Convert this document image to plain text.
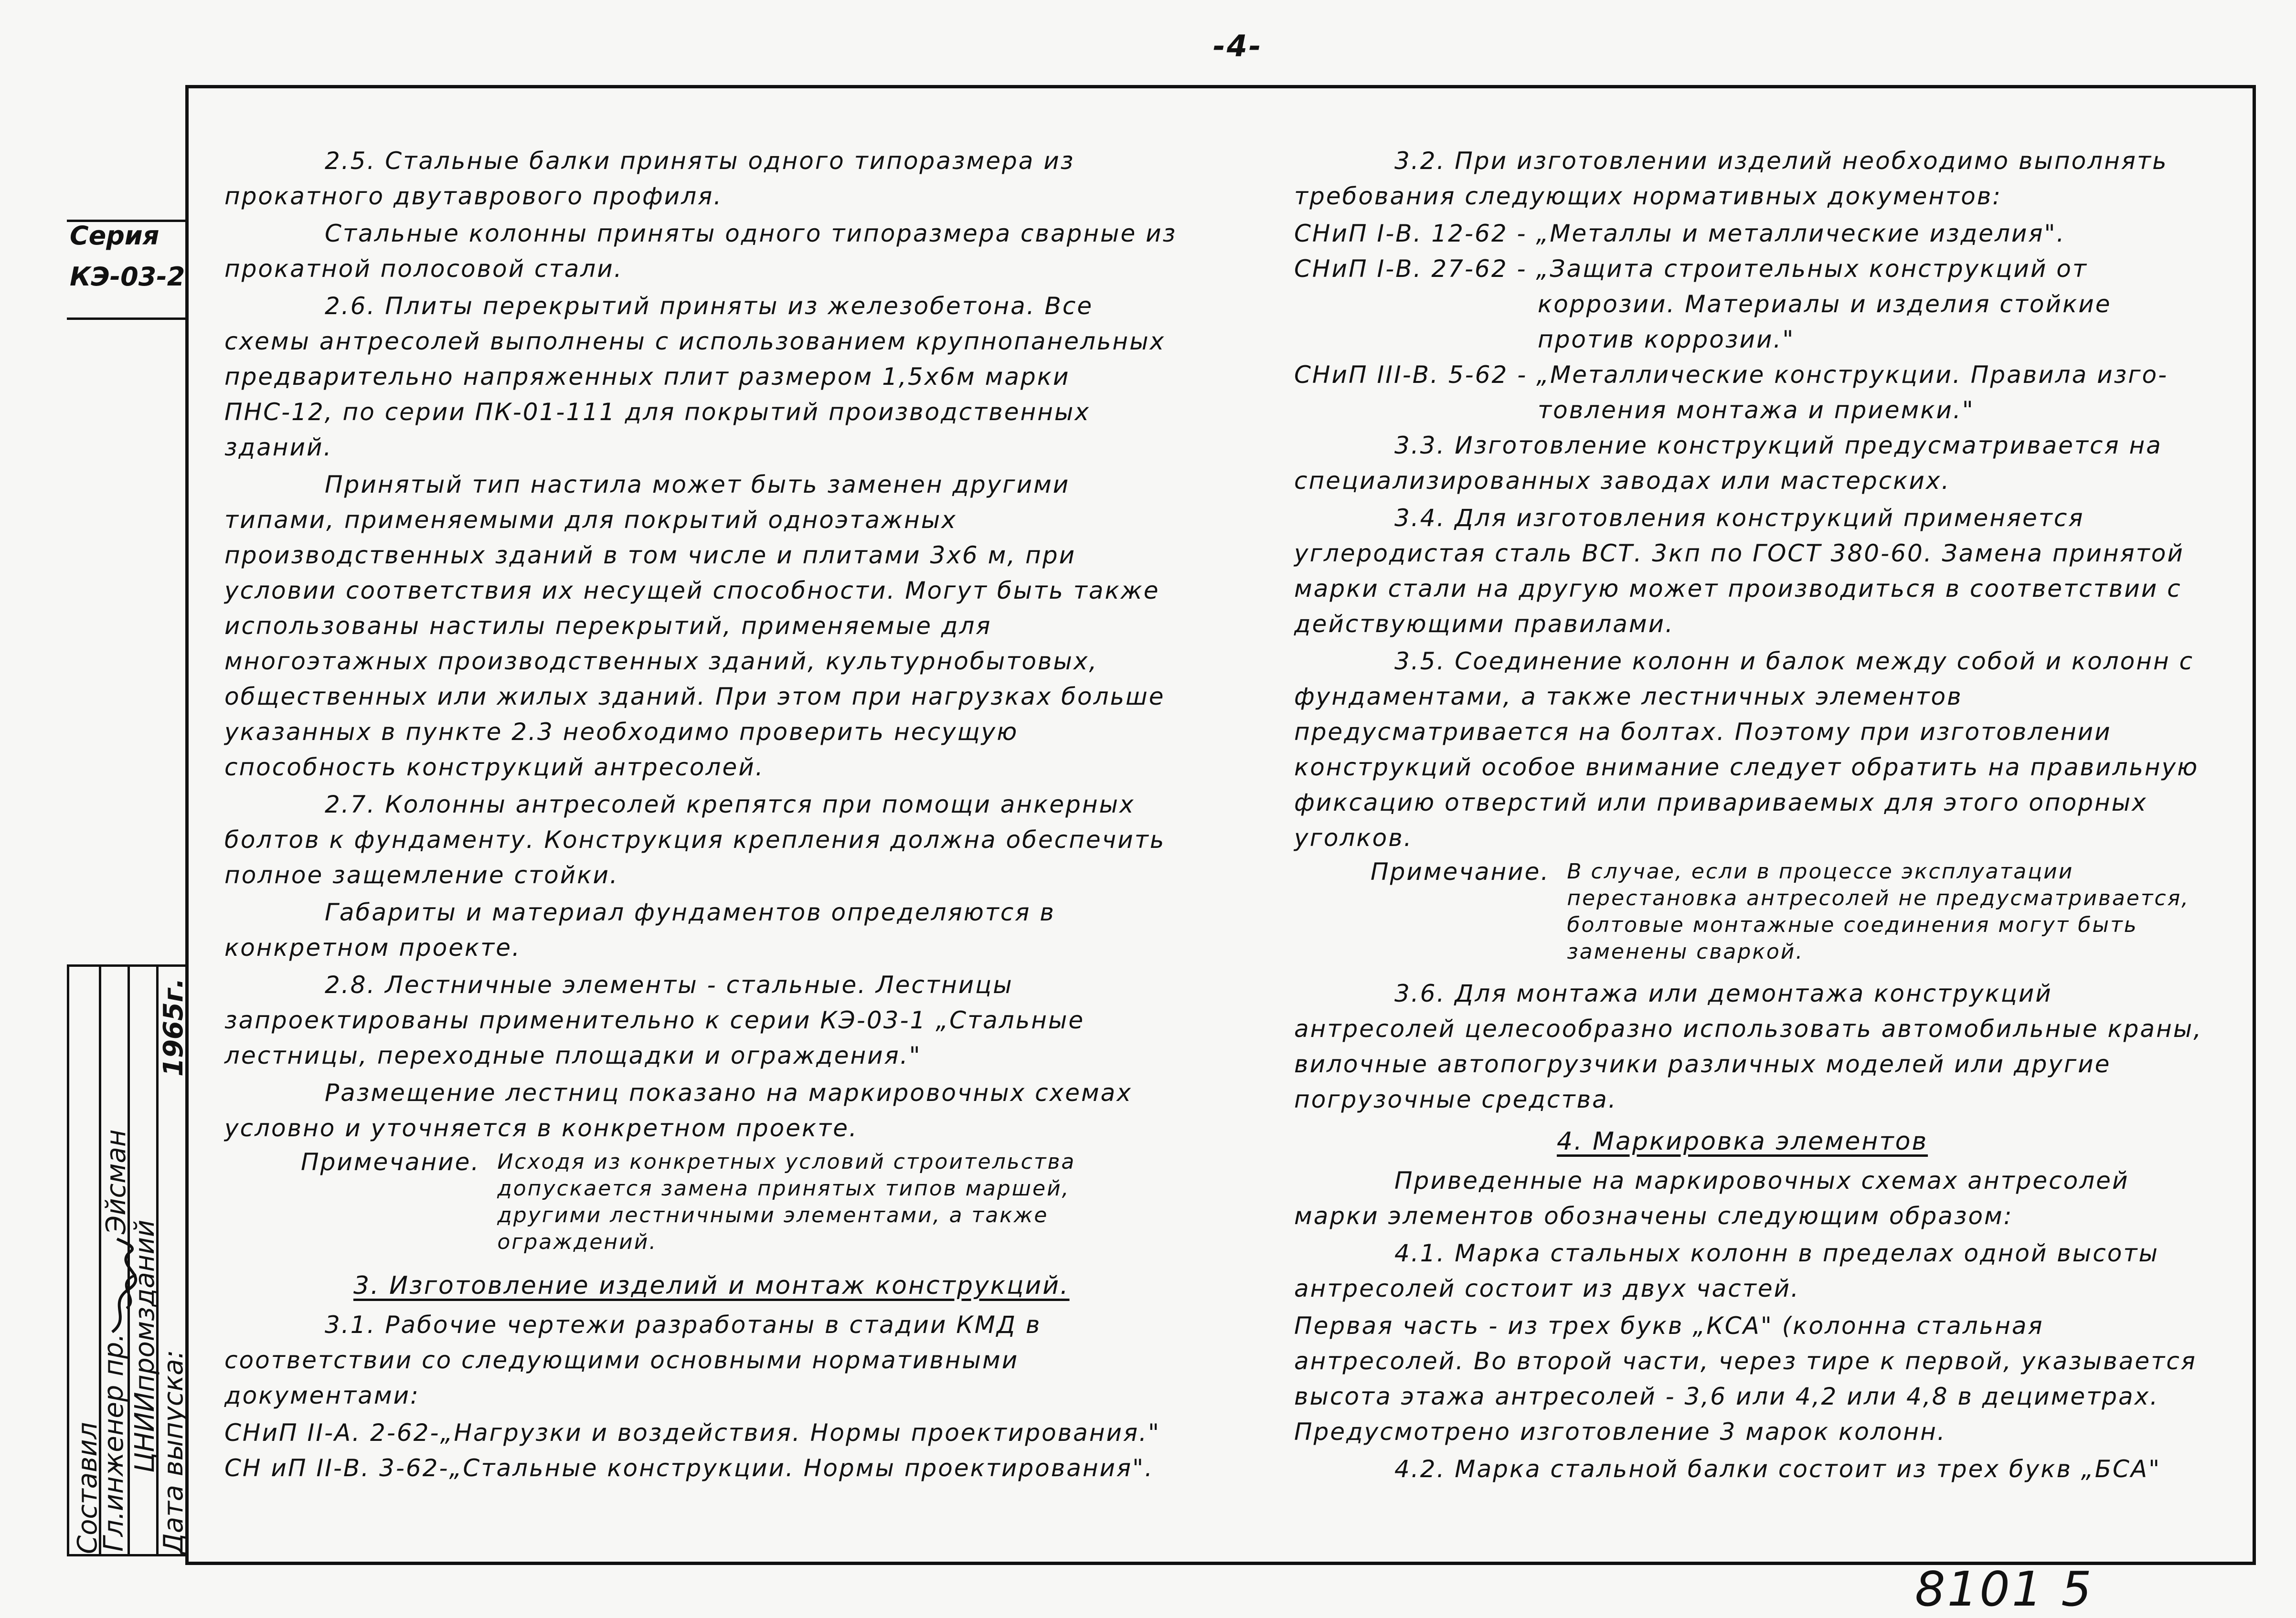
-4-
Серия
КЭ-03-2
Составил
Эйсман
ЦНИИпромзданий
1965г.
Дата выпуска:
Гл.инженер пр.
2.5. Стальные балки приняты одного типоразмера из прокатного двутаврового профиля.
Стальные колонны приняты одного типоразмера сварные из прокатной полосовой стали.
2.6. Плиты перекрытий приняты из железобетона. Все схемы антресолей выполнены с использованием крупнопанельных предварительно напряженных плит размером 1,5х6м марки ПНС-12, по серии ПК-01-111 для покрытий производственных зданий.
Принятый тип настила может быть заменен другими типами, применяемыми для покрытий одноэтажных производственных зданий в том числе и плитами 3х6 м, при условии соответствия их несущей способности. Могут быть также использованы настилы перекрытий, применяемые для многоэтажных производственных зданий, культурнобытовых, общественных или жилых зданий. При этом при нагрузках больше указанных в пункте 2.3 необходимо проверить несущую способность конструкций антресолей.
2.7. Колонны антресолей крепятся при помощи анкерных болтов к фундаменту. Конструкция крепления должна обеспечить полное защемление стойки.
Габариты и материал фундаментов определяются в конкретном проекте.
2.8. Лестничные элементы - стальные. Лестницы запроектированы применительно к серии КЭ-03-1 „Стальные лестницы, переходные площадки и ограждения."
Размещение лестниц показано на маркировочных схемах условно и уточняется в конкретном проекте.
Примечание. Исходя из конкретных условий строительства допускается замена принятых типов маршей, другими лестничными элементами, а также ограждений.
3. Изготовление изделий и монтаж конструкций.
3.1. Рабочие чертежи разработаны в стадии КМД в соответствии со следующими основными нормативными документами:
СНиП II-А. 2-62-„Нагрузки и воздействия. Нормы проектирования."
СН иП II-В. 3-62-„Стальные конструкции. Нормы проектирования".
3.2. При изготовлении изделий необходимо выполнять требования следующих нормативных документов:
СНиП I-В. 12-62 - „Металлы и металлические изделия".
СНиП I-В. 27-62 - „Защита строительных конструкций от
коррозии. Материалы и изделия стойкие против коррозии."
СНиП III-В. 5-62 - „Металлические конструкции. Правила изго-
товления монтажа и приемки."
3.3. Изготовление конструкций предусматривается на специализированных заводах или мастерских.
3.4. Для изготовления конструкций применяется углеродистая сталь ВСТ. 3кп по ГОСТ 380-60. Замена принятой марки стали на другую может производиться в соответствии с действующими правилами.
3.5. Соединение колонн и балок между собой и колонн с фундаментами, а также лестничных элементов предусматривается на болтах. Поэтому при изготовлении конструкций особое внимание следует обратить на правильную фиксацию отверстий или привариваемых для этого опорных уголков.
Примечание. В случае, если в процессе эксплуатации перестановка антресолей не предусматривается, болтовые монтажные соединения могут быть заменены сваркой.
3.6. Для монтажа или демонтажа конструкций антресолей целесообразно использовать автомобильные краны, вилочные автопогрузчики различных моделей или другие погрузочные средства.
4. Маркировка элементов
Приведенные на маркировочных схемах антресолей марки элементов обозначены следующим образом:
4.1. Марка стальных колонн в пределах одной высоты антресолей состоит из двух частей.
Первая часть - из трех букв „КСА" (колонна стальная антресолей. Во второй части, через тире к первой, указывается высота этажа антресолей - 3,6 или 4,2 или 4,8 в дециметрах. Предусмотрено изготовление 3 марок колонн.
4.2. Марка стальной балки состоит из трех букв „БСА"
8101 5
